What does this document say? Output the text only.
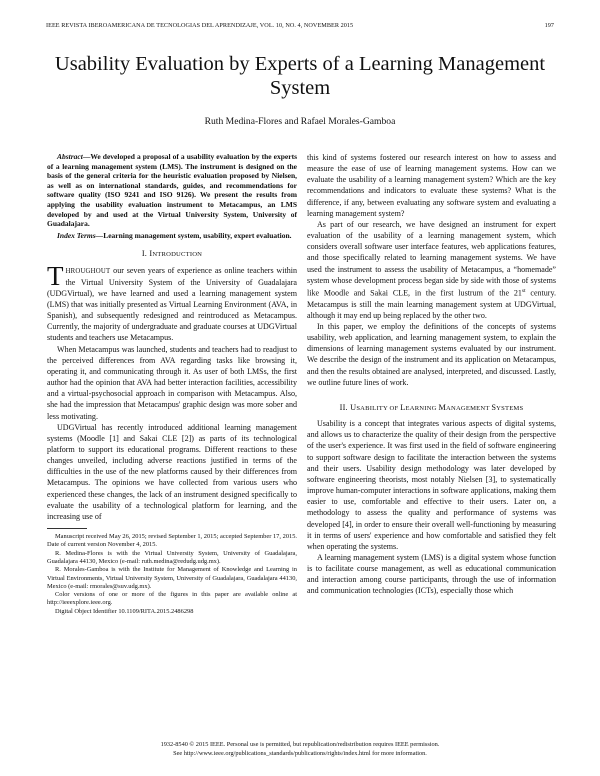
IEEE REVISTA IBEROAMERICANA DE TECNOLOGIAS DEL APRENDIZAJE, VOL. 10, NO. 4, NOVEMBER 2015	197
Usability Evaluation by Experts of a Learning Management System
Ruth Medina-Flores and Rafael Morales-Gamboa

Abstract—We developed a proposal of a usability evaluation by the experts of a learning management system (LMS). The instrument is designed on the basis of the general criteria for the heuristic evaluation proposed by Nielsen, as well as on international standards, guides, and recommendations for software quality (ISO 9241 and ISO 9126). We present the results from applying the usability evaluation instrument to Metacampus, an LMS developed by and used at the Virtual University System, University of Guadalajara.

Index Terms—Learning management system, usability, expert evaluation.

I. INTRODUCTION

THROUGHOUT our seven years of experience as online teachers within the Virtual University System of the University of Guadalajara (UDGVirtual), we have learned and used a learning management system (LMS) that was initially presented as Virtual Learning Environment (AVA, in Spanish), and subsequently redesigned and reintroduced as Metacampus. Currently, the majority of undergraduate and graduate courses at UDGVirtual students and teachers use Metacampus.

When Metacampus was launched, students and teachers had to readjust to the perceived differences from AVA regarding tasks like browsing it, operating it, and communicating through it. As user of both LMSs, the first author had the opinion that AVA had better interaction facilities, accessibility and a virtual-psychosocial approach in comparison with Metacampus. Also, she had the impression that Metacampus' graphic design was more sober and less motivating.

UDGVirtual has recently introduced additional learning management systems (Moodle [1] and Sakai CLE [2]) as parts of its technological platform to support its educational programs. Different reactions to these changes unveiled, including adverse reactions justified in terms of the difficulties in the use of the new platforms caused by their differences from Metacampus. The opinions we have collected from various users who experienced these changes, the lack of an instrument designed specifically to evaluate the usability of a technological platform for learning, and the increasing use of

Manuscript received May 26, 2015; revised September 1, 2015; accepted September 17, 2015. Date of current version November 4, 2015.

R. Medina-Flores is with the Virtual University System, University of Guadalajara, Guadalajara 44130, Mexico (e-mail: ruth.medina@redudg.udg.mx).

R. Morales-Gamboa is with the Institute for Management of Knowledge and Learning in Virtual Environments, Virtual University System, University of Guadalajara, Guadalajara 44130, Mexico (e-mail: rmorales@suv.udg.mx).

Color versions of one or more of the figures in this paper are available online at http://ieeexplore.ieee.org.

Digital Object Identifier 10.1109/RITA.2015.2486298

this kind of systems fostered our research interest on how to assess and measure the ease of use of learning management systems. How can we evaluate the usability of a learning management system? Which are the key recommendations and indicators to evaluate these systems? What is the difference, if any, between evaluating any software system and evaluating a learning management system?

As part of our research, we have designed an instrument for expert evaluation of the usability of a learning management system, which considers overall software user interface features, web applications features, and those specifically related to learning management systems. We have used the instrument to assess the usability of Metacampus, a “homemade” system whose development process began side by side with those of systems like Moodle and Sakai CLE, in the first lustrum of the 21st century. Metacampus is still the main learning management system at UDGVirtual, although it may end up being replaced by the other two.

In this paper, we employ the definitions of the concepts of systems usability, web application, and learning management system, to explain the dimensions of learning management systems evaluated by our instrument. We describe the design of the instrument and its application on Metacampus, and then the results obtained are analysed, interpreted, and discussed. Lastly, we outline future lines of work.

II. USABILITY OF LEARNING MANAGEMENT SYSTEMS

Usability is a concept that integrates various aspects of digital systems, and allows us to characterize the quality of their design from the perspective of the user's experience. It was first used in the field of software engineering to support software design to facilitate the interaction between the systems and their users. Usability design methodology was later developed by software engineering theorists, most notably Nielsen [3], to systematically improve human-computer interactions in software applications, making them easier to use, comfortable and effective to their users. Later on, a methodology to assess the quality and performance of systems was developed [4], in order to ensure their overall well-functioning by measuring it in terms of users' experience and how comfortable and satisfied they felt when operating the systems.

A learning management system (LMS) is a digital system whose function is to facilitate course management, as well as educational communication and interaction among course participants, through the use of information and communication technologies (ICTs), especially those which

1932-8540 © 2015 IEEE. Personal use is permitted, but republication/redistribution requires IEEE permission.
See http://www.ieee.org/publications_standards/publications/rights/index.html for more information.
